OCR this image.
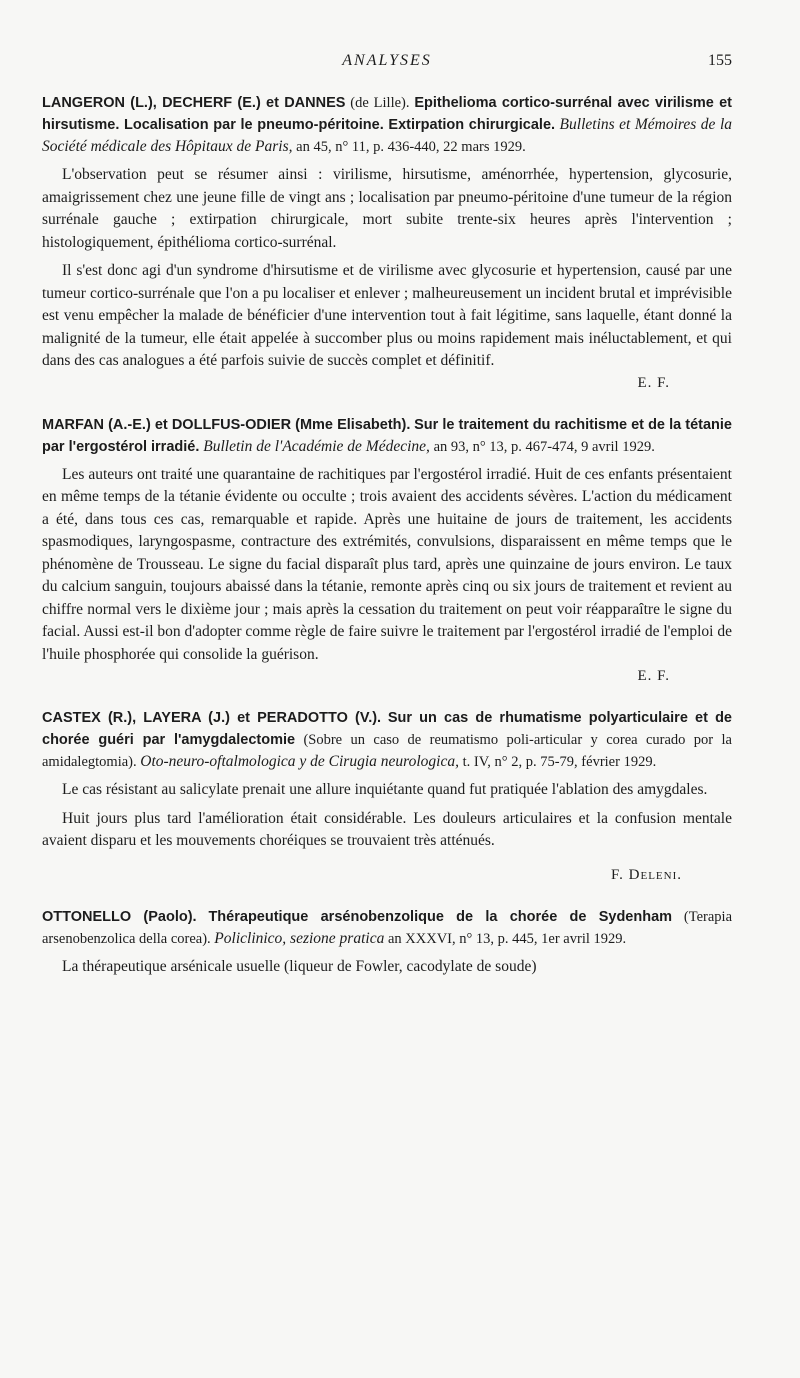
ANALYSES	155
LANGERON (L.), DECHERF (E.) et DANNES (de Lille). Epithelioma cortico-surrénal avec virilisme et hirsutisme. Localisation par le pneumo-péritoine. Extirpation chirurgicale. Bulletins et Mémoires de la Société médicale des Hôpitaux de Paris, an 45, n° 11, p. 436-440, 22 mars 1929.

L'observation peut se résumer ainsi : virilisme, hirsutisme, aménorrhée, hypertension, glycosurie, amaigrissement chez une jeune fille de vingt ans ; localisation par pneumo-péritoine d'une tumeur de la région surrénale gauche ; extirpation chirurgicale, mort subite trente-six heures après l'intervention ; histologiquement, épithélioma cortico-surrénal.

Il s'est donc agi d'un syndrome d'hirsutisme et de virilisme avec glycosurie et hypertension, causé par une tumeur cortico-surrénale que l'on a pu localiser et enlever ; malheureusement un incident brutal et imprévisible est venu empêcher la malade de bénéficier d'une intervention tout à fait légitime, sans laquelle, étant donné la malignité de la tumeur, elle était appelée à succomber plus ou moins rapidement mais inéluctablement, et qui dans des cas analogues a été parfois suivie de succès complet et définitif.

E. F.
MARFAN (A.-E.) et DOLLFUS-ODIER (Mme Elisabeth). Sur le traitement du rachitisme et de la tétanie par l'ergostérol irradié. Bulletin de l'Académie de Médecine, an 93, n° 13, p. 467-474, 9 avril 1929.

Les auteurs ont traité une quarantaine de rachitiques par l'ergostérol irradié. Huit de ces enfants présentaient en même temps de la tétanie évidente ou occulte ; trois avaient des accidents sévères. L'action du médicament a été, dans tous ces cas, remarquable et rapide. Après une huitaine de jours de traitement, les accidents spasmodiques, laryngospasme, contracture des extrémités, convulsions, disparaissent en même temps que le phénomène de Trousseau. Le signe du facial disparaît plus tard, après une quinzaine de jours environ. Le taux du calcium sanguin, toujours abaissé dans la tétanie, remonte après cinq ou six jours de traitement et revient au chiffre normal vers le dixième jour ; mais après la cessation du traitement on peut voir réapparaître le signe du facial. Aussi est-il bon d'adopter comme règle de faire suivre le traitement par l'ergostérol irradié de l'emploi de l'huile phosphorée qui consolide la guérison.

E. F.
CASTEX (R.), LAYERA (J.) et PERADOTTO (V.). Sur un cas de rhumatisme polyarticulaire et de chorée guéri par l'amygdalectomie (Sobre un caso de reumatismo poli-articular y corea curado por la amidalegtomia). Oto-neuro-oftalmologica y de Cirugia neurologica, t. IV, n° 2, p. 75-79, février 1929.

Le cas résistant au salicylate prenait une allure inquiétante quand fut pratiquée l'ablation des amygdales.

Huit jours plus tard l'amélioration était considérable. Les douleurs articulaires et la confusion mentale avaient disparu et les mouvements choréiques se trouvaient très atténués.

F. Deleni.
OTTONELLO (Paolo). Thérapeutique arsénobenzolique de la chorée de Sydenham (Terapia arsenobenzolica della corea). Policlinico, sezione pratica an XXXVI, n° 13, p. 445, 1er avril 1929.

La thérapeutique arsénicale usuelle (liqueur de Fowler, cacodylate de soude)
